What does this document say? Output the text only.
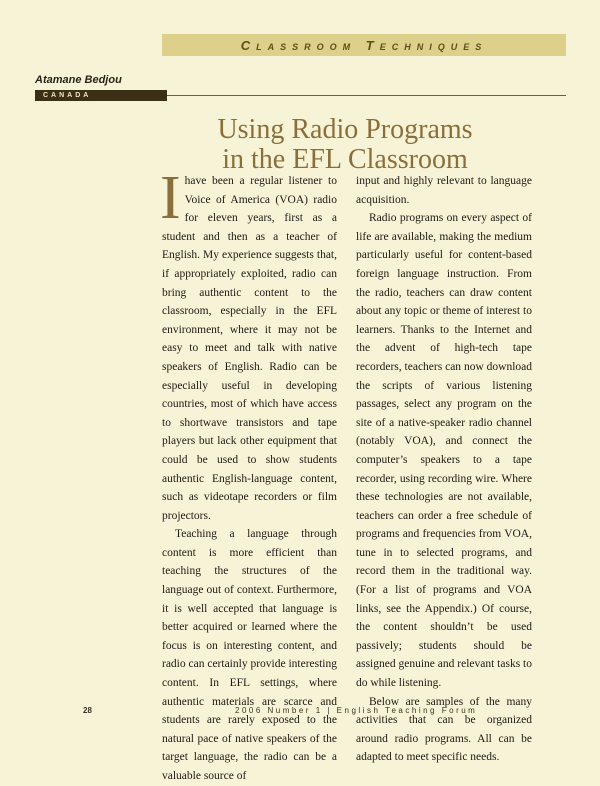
Classroom Techniques
Atamane Bedjou
CANADA
Using Radio Programs
in the EFL Classroom

Ihave been a regular listener to Voice of America (VOA) radio for eleven years, first as a student and then as a teacher of English. My experience suggests that, if appropriately exploited, radio can bring authentic content to the classroom, especially in the EFL environment, where it may not be easy to meet and talk with native speakers of English. Radio can be especially useful in developing countries, most of which have access to shortwave transistors and tape players but lack other equipment that could be used to show students authentic English-language content, such as videotape recorders or film projectors.

Teaching a language through content is more efficient than teaching the structures of the language out of context. Furthermore, it is well accepted that language is better acquired or learned where the focus is on interesting content, and radio can certainly provide interesting content. In EFL settings, where authentic materials are scarce and students are rarely exposed to the natural pace of native speakers of the target language, the radio can be a valuable source of

input and highly relevant to language acquisition.

Radio programs on every aspect of life are available, making the medium particularly useful for content-based foreign language instruction. From the radio, teachers can draw content about any topic or theme of interest to learners. Thanks to the Internet and the advent of high-tech tape recorders, teachers can now download the scripts of various listening passages, select any program on the site of a native-speaker radio channel (notably VOA), and connect the computer’s speakers to a tape recorder, using recording wire. Where these technologies are not available, teachers can order a free schedule of programs and frequencies from VOA, tune in to selected programs, and record them in the traditional way. (For a list of programs and VOA links, see the Appendix.) Of course, the content shouldn’t be used passively; students should be assigned genuine and relevant tasks to do while listening.

Below are samples of the many activities that can be organized around radio programs. All can be adapted to meet specific needs.

28	2006 Number 1 | English Teaching Forum
